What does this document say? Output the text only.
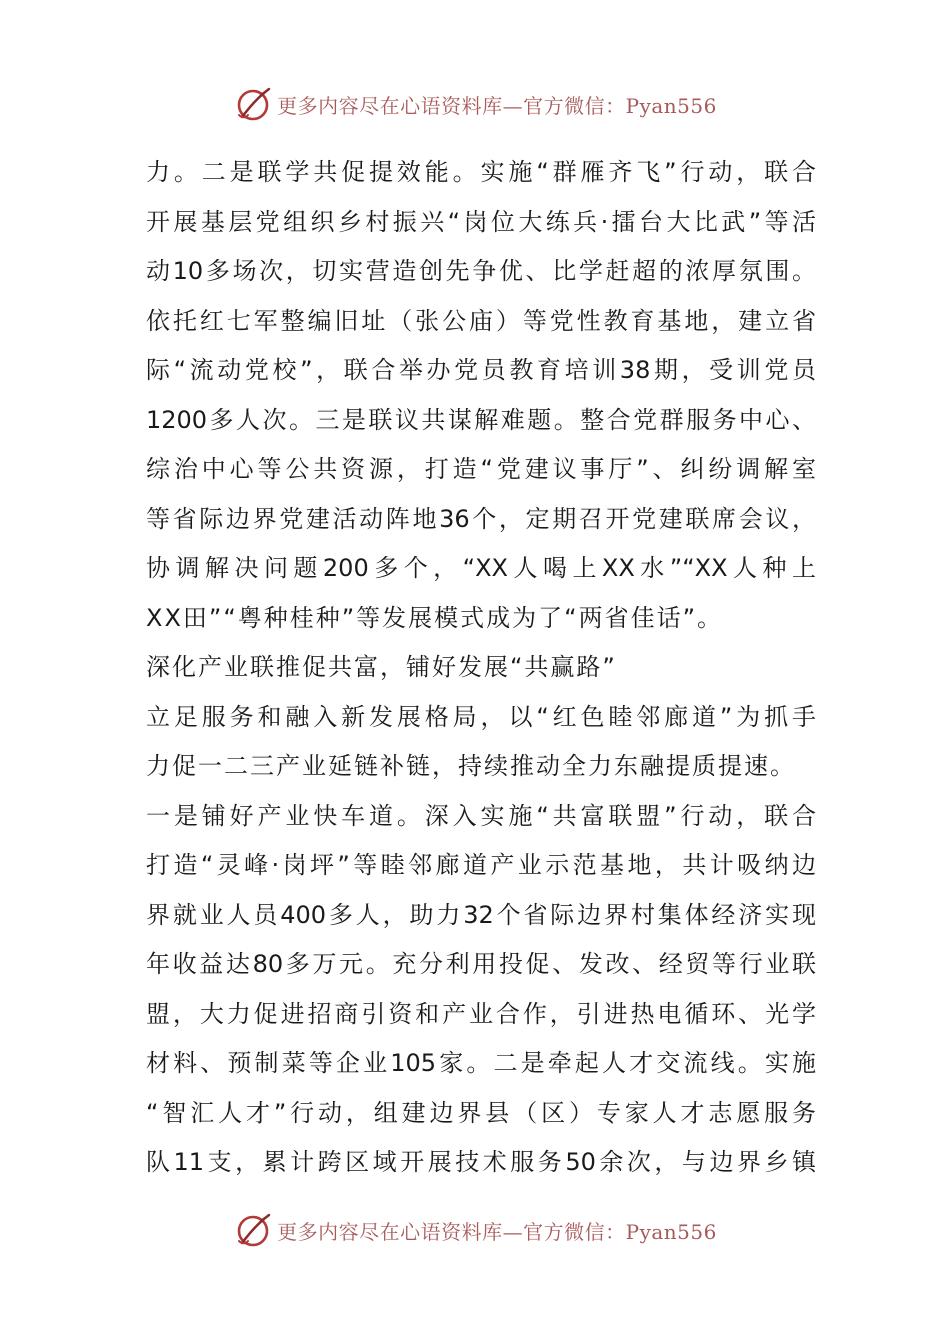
更多内容尽在心语资料库—官方微信：Pyan556
力。二是联学共促提效能。实施“群雁齐飞”行动，联合
开展基层党组织乡村振兴“岗位大练兵·擂台大比武”等活
动10多场次，切实营造创先争优、比学赶超的浓厚氛围。
依托红七军整编旧址（张公庙）等党性教育基地，建立省
际“流动党校”，联合举办党员教育培训38期，受训党员
1200多人次。三是联议共谋解难题。整合党群服务中心、
综治中心等公共资源，打造“党建议事厅”、纠纷调解室
等省际边界党建活动阵地36个，定期召开党建联席会议，
协调解决问题200多个，“XX人喝上XX水”“XX人种上
XX田”“粤种桂种”等发展模式成为了“两省佳话”。
深化产业联推促共富，铺好发展“共赢路”
立足服务和融入新发展格局，以“红色睦邻廊道”为抓手
力促一二三产业延链补链，持续推动全力东融提质提速。
一是铺好产业快车道。深入实施“共富联盟”行动，联合
打造“灵峰·岗坪”等睦邻廊道产业示范基地，共计吸纳边
界就业人员400多人，助力32个省际边界村集体经济实现
年收益达80多万元。充分利用投促、发改、经贸等行业联
盟，大力促进招商引资和产业合作，引进热电循环、光学
材料、预制菜等企业105家。二是牵起人才交流线。实施
“智汇人才”行动，组建边界县（区）专家人才志愿服务
队11支，累计跨区域开展技术服务50余次，与边界乡镇
更多内容尽在心语资料库—官方微信：Pyan556
